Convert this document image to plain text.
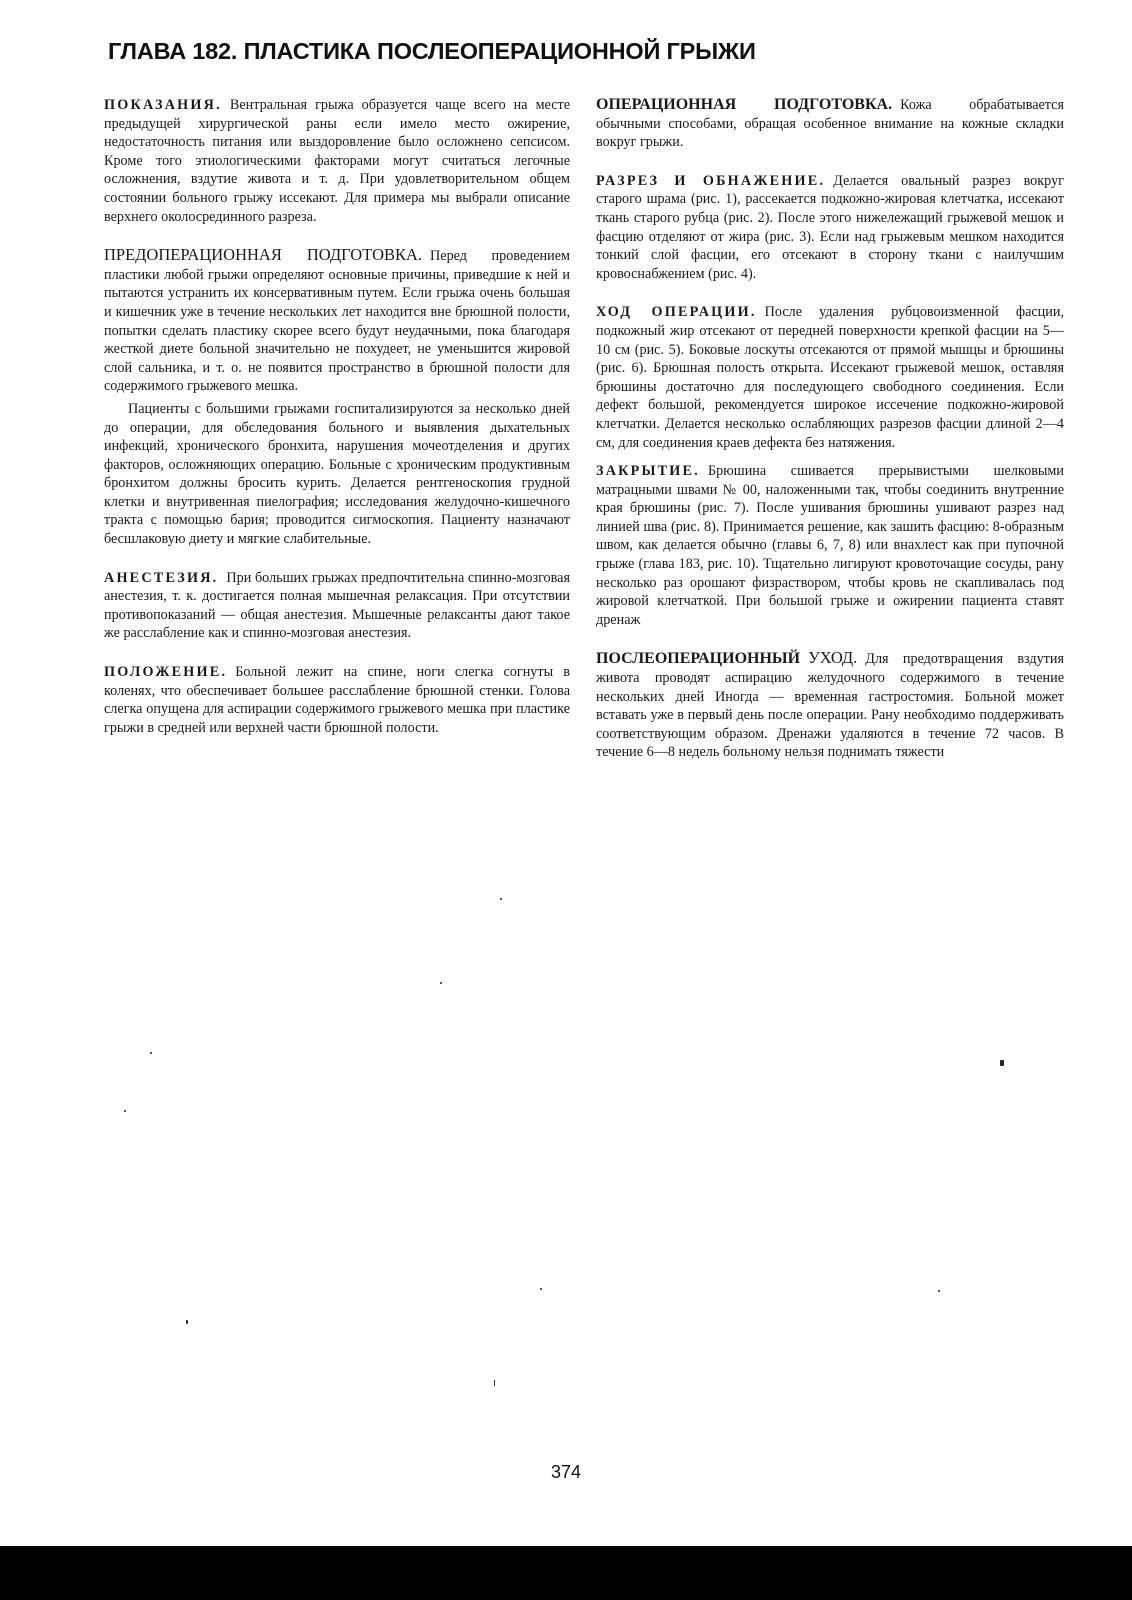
ГЛАВА 182. ПЛАСТИКА ПОСЛЕОПЕРАЦИОННОЙ ГРЫЖИ

ПОКАЗАНИЯ. Вентральная грыжа образуется чаще всего на месте предыдущей хирургической раны если имело место ожирение, недостаточность питания или выздоровление было осложнено сепсисом. Кроме того этиологическими факторами могут считаться легочные осложнения, вздутие живота и т. д. При удовлетворительном общем состоянии больного грыжу иссекают. Для примера мы выбрали описание верхнего околосрединного разреза.

ПРЕДОПЕРАЦИОННАЯ ПОДГОТОВКА. Перед проведением пластики любой грыжи определяют основные причины, приведшие к ней и пытаются устранить их консервативным путем. Если грыжа очень большая и кишечник уже в течение нескольких лет находится вне брюшной полости, попытки сделать пластику скорее всего будут неудачными, пока благодаря жесткой диете больной значительно не похудеет, не уменьшится жировой слой сальника, и т. о. не появится пространство в брюшной полости для содержимого грыжевого мешка.

Пациенты с большими грыжами госпитализируются за несколько дней до операции, для обследования больного и выявления дыхательных инфекций, хронического бронхита, нарушения мочеотделения и других факторов, осложняющих операцию. Больные с хроническим продуктивным бронхитом должны бросить курить. Делается рентгеноскопия грудной клетки и внутривенная пиелография; исследования желудочно-кишечного тракта с помощью бария; проводится сигмоскопия. Пациенту назначают бесшлаковую диету и мягкие слабительные.

АНЕСТЕЗИЯ. При больших грыжах предпочтительна спинно-мозговая анестезия, т. к. достигается полная мышечная релаксация. При отсутствии противопоказаний — общая анестезия. Мышечные релаксанты дают такое же расслабление как и спинно-мозговая анестезия.

ПОЛОЖЕНИЕ. Больной лежит на спине, ноги слегка согнуты в коленях, что обеспечивает большее расслабление брюшной стенки. Голова слегка опущена для аспирации содержимого грыжевого мешка при пластике грыжи в средней или верхней части брюшной полости.

ОПЕРАЦИОННАЯ ПОДГОТОВКА. Кожа обрабатывается обычными способами, обращая особенное внимание на кожные складки вокруг грыжи.

РАЗРЕЗ И ОБНАЖЕНИЕ. Делается овальный разрез вокруг старого шрама (рис. 1), рассекается подкожно-жировая клетчатка, иссекают ткань старого рубца (рис. 2). После этого нижележащий грыжевой мешок и фасцию отделяют от жира (рис. 3). Если над грыжевым мешком находится тонкий слой фасции, его отсекают в сторону ткани с наилучшим кровоснабжением (рис. 4).

ХОД ОПЕРАЦИИ. После удаления рубцовоизменной фасции, подкожный жир отсекают от передней поверхности крепкой фасции на 5—10 см (рис. 5). Боковые лоскуты отсекаются от прямой мышцы и брюшины (рис. 6). Брюшная полость открыта. Иссекают грыжевой мешок, оставляя брюшины достаточно для последующего свободного соединения. Если дефект большой, рекомендуется широкое иссечение подкожно-жировой клетчатки. Делается несколько ослабляющих разрезов фасции длиной 2—4 см, для соединения краев дефекта без натяжения.

ЗАКРЫТИЕ. Брюшина сшивается прерывистыми шелковыми матрацными швами № 00, наложенными так, чтобы соединить внутренние края брюшины (рис. 7). После ушивания брюшины ушивают разрез над линией шва (рис. 8). Принимается решение, как зашить фасцию: 8-образным швом, как делается обычно (главы 6, 7, 8) или внахлест как при пупочной грыже (глава 183, рис. 10). Тщательно лигируют кровоточащие сосуды, рану несколько раз орошают физраствором, чтобы кровь не скапливалась под жировой клетчаткой. При большой грыже и ожирении пациента ставят дренаж

ПОСЛЕОПЕРАЦИОННЫЙ УХОД. Для предотвращения вздутия живота проводят аспирацию желудочного содержимого в течение нескольких дней Иногда — временная гастростомия. Больной может вставать уже в первый день после операции. Рану необходимо поддерживать соответствующим образом. Дренажи удаляются в течение 72 часов. В течение 6—8 недель больному нельзя поднимать тяжести

374
